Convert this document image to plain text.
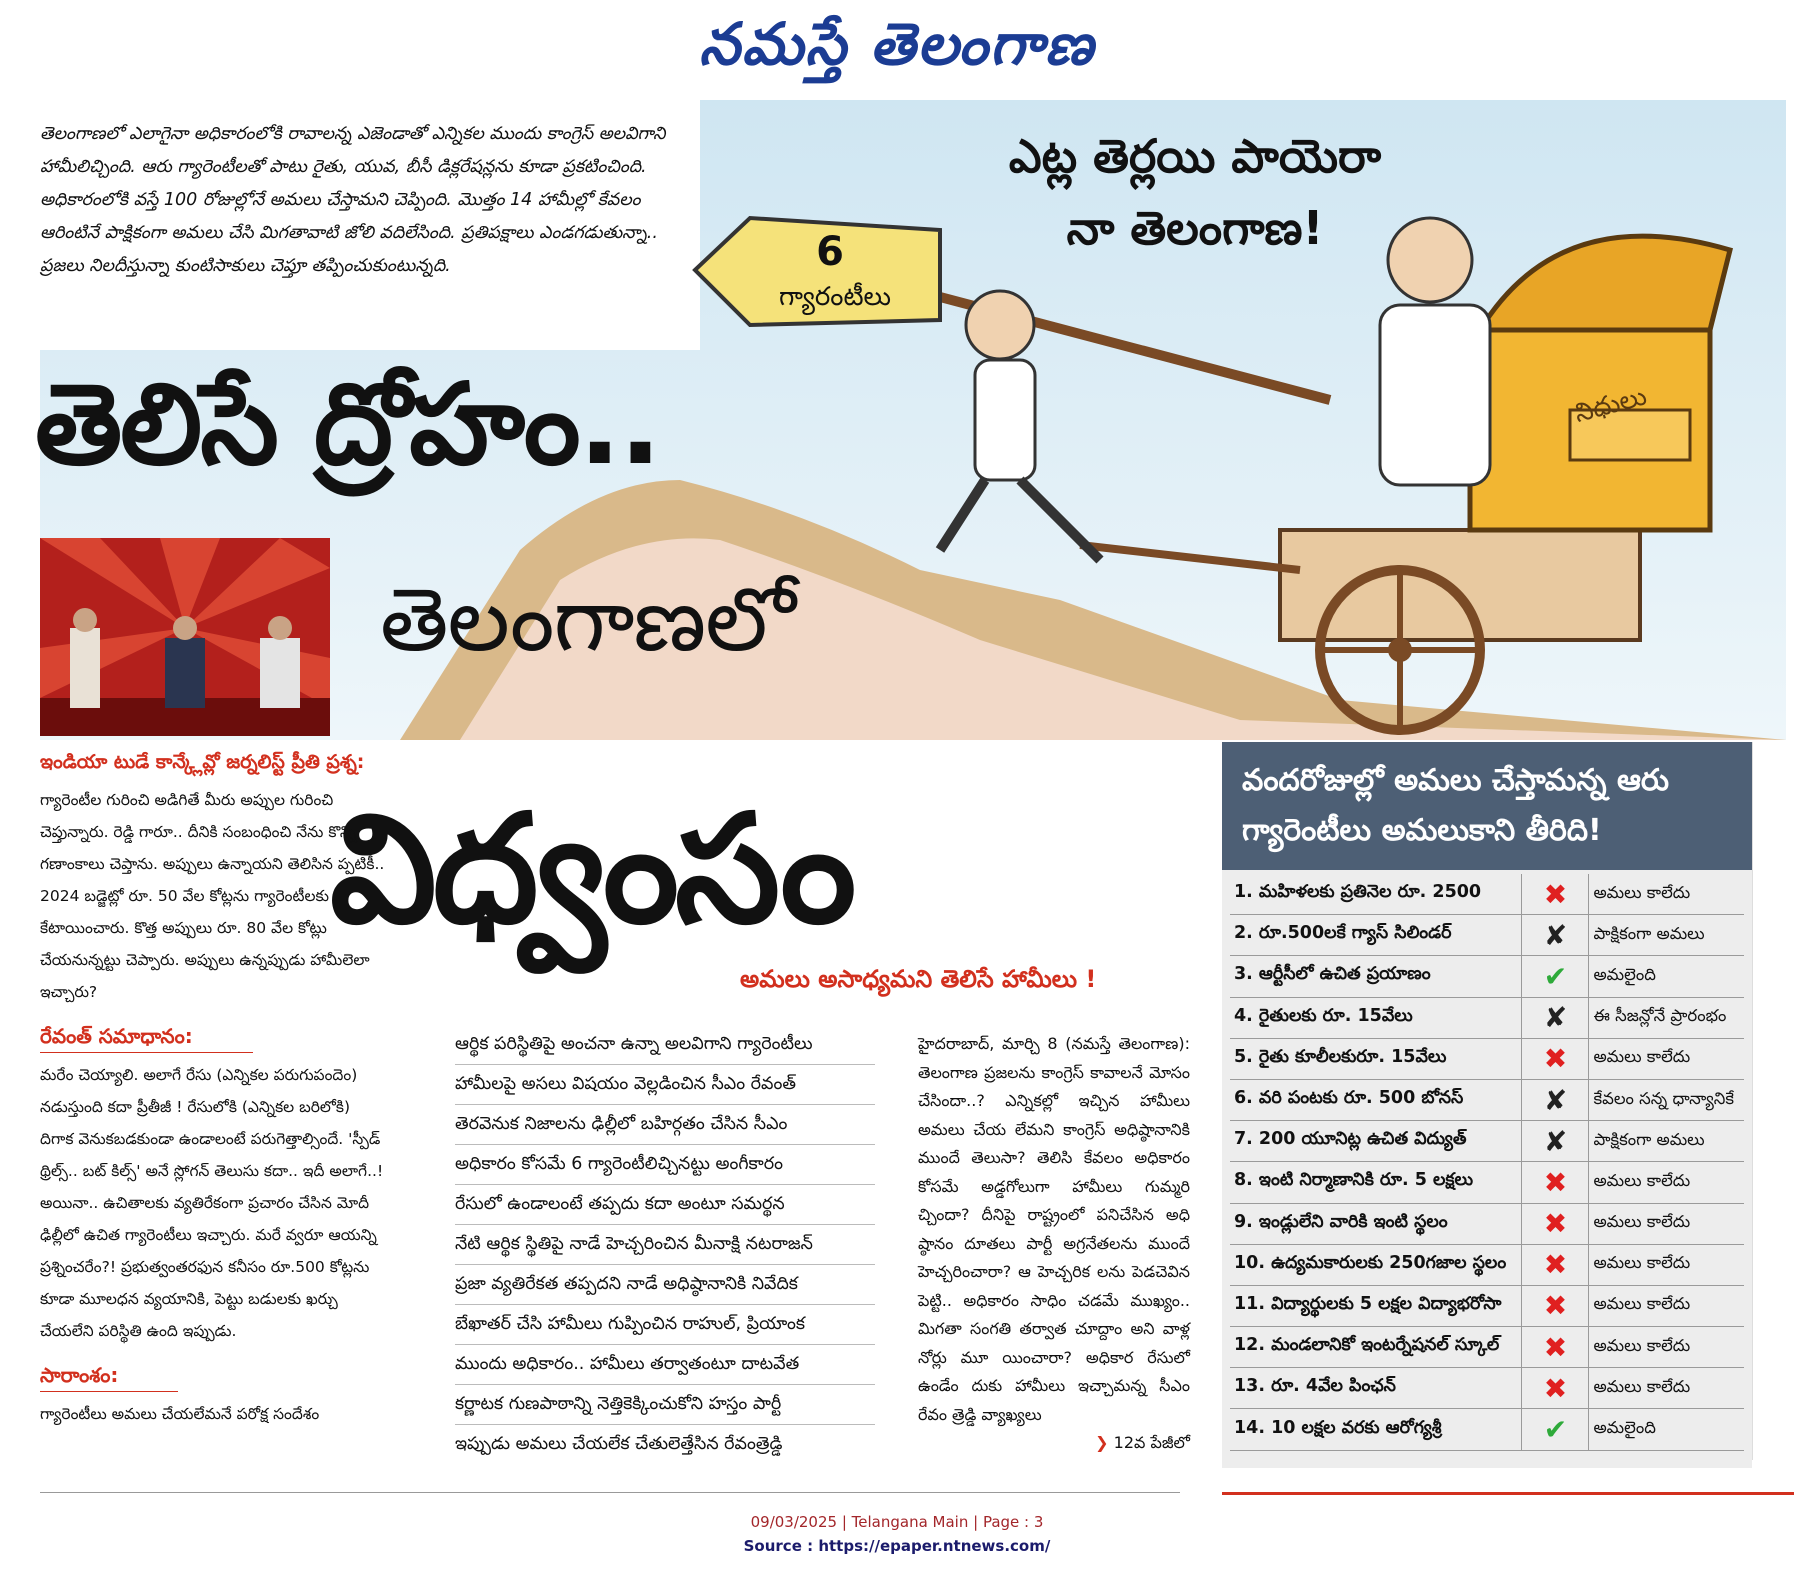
నమస్తే తెలంగాణ
6
గ్యారంటీలు

తెలంగాణలో ఎలాగైనా అధికారంలోకి రావాలన్న ఎజెండాతో ఎన్నికల ముందు కాంగ్రెస్ అలవిగాని హామీలిచ్చింది. ఆరు గ్యారెంటీలతో పాటు రైతు, యువ, బీసీ డిక్లరేషన్లను కూడా ప్రకటించింది. అధికారంలోకి వస్తే 100 రోజుల్లోనే అమలు చేస్తామని చెప్పింది. మొత్తం 14 హామీల్లో కేవలం ఆరింటినే పాక్షికంగా అమలు చేసి మిగతావాటి జోలి వదిలేసింది. ప్రతిపక్షాలు ఎండగడుతున్నా.. ప్రజలు నిలదీస్తున్నా కుంటిసాకులు చెప్తూ తప్పించుకుంటున్నది.

ఎట్ల తెర్లయి పాయెరా
నా తెలంగాణ!
నిధులు
తెలిసే ద్రోహం..
తెలంగాణలో
విధ్వంసం
అమలు అసాధ్యమని తెలిసే హామీలు !
ఇండియా టుడే కాన్క్లేవ్లో జర్నలిస్ట్ ప్రీతి ప్రశ్న:

గ్యారెంటీల గురించి అడిగితే మీరు అప్పుల గురించి చెప్తున్నారు. రెడ్డి గారూ.. దీనికి సంబంధించి నేను కొన్ని గణాంకాలు చెప్తాను. అప్పులు ఉన్నాయని తెలిసిన ప్పటికీ.. 2024 బడ్జెట్లో రూ. 50 వేల కోట్లను గ్యారెంటీలకు కేటాయించారు. కొత్త అప్పులు రూ. 80 వేల కోట్లు చేయనున్నట్టు చెప్పారు. అప్పులు ఉన్నప్పుడు హామీలెలా ఇచ్చారు?

రేవంత్ సమాధానం:

మరేం చెయ్యాలి. అలాగే రేసు (ఎన్నికల పరుగుపందెం) నడుస్తుంది కదా ప్రీతీజీ ! రేసులోకి (ఎన్నికల బరిలోకి) దిగాక వెనుకబడకుండా ఉండాలంటే పరుగెత్తాల్సిందే. 'స్పీడ్ థ్రిల్స్.. బట్ కిల్స్' అనే స్లోగన్ తెలుసు కదా.. ఇదీ అలాగే..! అయినా.. ఉచితాలకు వ్యతిరేకంగా ప్రచారం చేసిన మోదీ ఢిల్లీలో ఉచిత గ్యారెంటీలు ఇచ్చారు. మరే వ్వరూ ఆయన్ని ప్రశ్నించరేం?! ప్రభుత్వంతరఫున కనీసం రూ.500 కోట్లను కూడా మూలధన వ్యయానికి, పెట్టు బడులకు ఖర్చు చేయలేని పరిస్థితి ఉంది ఇప్పుడు.

సారాంశం:

గ్యారెంటీలు అమలు చేయలేమనే పరోక్ష సందేశం

ఆర్థిక పరిస్థితిపై అంచనా ఉన్నా అలవిగాని గ్యారెంటీలు

హామీలపై అసలు విషయం వెల్లడించిన సీఎం రేవంత్

తెరవెనుక నిజాలను ఢిల్లీలో బహిర్గతం చేసిన సీఎం

అధికారం కోసమే 6 గ్యారెంటీలిచ్చినట్టు అంగీకారం

రేసులో ఉండాలంటే తప్పదు కదా అంటూ సమర్థన

నేటి ఆర్థిక స్థితిపై నాడే హెచ్చరించిన మీనాక్షి నటరాజన్

ప్రజా వ్యతిరేకత తప్పదని నాడే అధిష్ఠానానికి నివేదిక

బేఖాతర్ చేసి హామీలు గుప్పించిన రాహుల్, ప్రియాంక

ముందు అధికారం.. హామీలు తర్వాతంటూ దాటవేత

కర్ణాటక గుణపాఠాన్ని నెత్తికెక్కించుకోని హస్తం పార్టీ

ఇప్పుడు అమలు చేయలేక చేతులెత్తేసిన రేవంత్రెడ్డి

హైదరాబాద్, మార్చి 8 (నమస్తే తెలంగాణ): తెలంగాణ ప్రజలను కాంగ్రెస్ కావాలనే మోసం చేసిందా..? ఎన్నికల్లో ఇచ్చిన హామీలు అమలు చేయ లేమని కాంగ్రెస్ అధిష్ఠానానికి ముందే తెలుసా? తెలిసి కేవలం అధికారం కోసమే అడ్డగోలుగా హామీలు గుమ్మరి చ్చిందా? దీనిపై రాష్ట్రంలో పనిచేసిన అధి ష్ఠానం దూతలు పార్టీ అగ్రనేతలను ముందే హెచ్చరించారా? ఆ హెచ్చరిక లను పెడచెవిన పెట్టి.. అధికారం సాధిం చడమే ముఖ్యం.. మిగతా సంగతి తర్వాత చూద్దాం అని వాళ్ల నోర్లు మూ యించారా? అధికార రేసులో ఉండేం దుకు హామీలు ఇచ్చామన్న సీఎం రేవం త్రెడ్డి వ్యాఖ్యలు

❯ 12వ పేజీలో
వందరోజుల్లో అమలు చేస్తామన్న ఆరు గ్యారెంటీలు అమలుకాని తీరిది!
1. మహిళలకు ప్రతినెల రూ. 2500	✖	అమలు కాలేదు
2. రూ.500లకే గ్యాస్ సిలిండర్	✘	పాక్షికంగా అమలు
3. ఆర్టీసీలో ఉచిత ప్రయాణం	✔	అమలైంది
4. రైతులకు రూ. 15వేలు	✘	ఈ సీజన్లోనే ప్రారంభం
5. రైతు కూలీలకురూ. 15వేలు	✖	అమలు కాలేదు
6. వరి పంటకు రూ. 500 బోనస్	✘	కేవలం సన్న ధాన్యానికే
7. 200 యూనిట్ల ఉచిత విద్యుత్	✘	పాక్షికంగా అమలు
8. ఇంటి నిర్మాణానికి రూ. 5 లక్షలు	✖	అమలు కాలేదు
9. ఇండ్లులేని వారికి ఇంటి స్థలం	✖	అమలు కాలేదు
10. ఉద్యమకారులకు 250గజాల స్థలం	✖	అమలు కాలేదు
11. విద్యార్థులకు 5 లక్షల విద్యాభరోసా	✖	అమలు కాలేదు
12. మండలానికో ఇంటర్నేషనల్ స్కూల్	✖	అమలు కాలేదు
13. రూ. 4వేల పింఛన్	✖	అమలు కాలేదు
14. 10 లక్షల వరకు ఆరోగ్యశ్రీ	✔	అమలైంది
09/03/2025 | Telangana Main | Page : 3
Source : https://epaper.ntnews.com/
